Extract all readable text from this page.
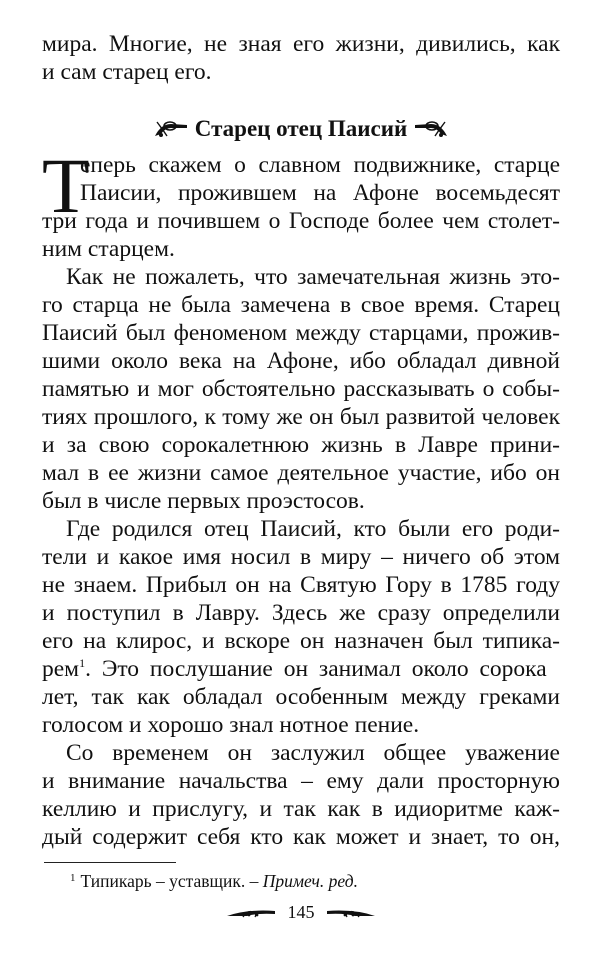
мира. Многие, не зная его жизни, дивились, как
и сам старец его.
Старец отец Паисий
Т
еперь скажем о славном подвижнике, старце
Паисии, прожившем на Афоне восемьдесят
три года и почившем о Господе более чем столет-
ним старцем.
Как не пожалеть, что замечательная жизнь это-
го старца не была замечена в свое время. Старец
Паисий был феноменом между старцами, прожив-
шими около века на Афоне, ибо обладал дивной
памятью и мог обстоятельно рассказывать о собы-
тиях прошлого, к тому же он был развитой человек
и за свою сорокалетнюю жизнь в Лавре прини-
мал в ее жизни самое деятельное участие, ибо он
был в числе первых проэстосов.
Где родился отец Паисий, кто были его роди-
тели и какое имя носил в миру – ничего об этом
не знаем. Прибыл он на Святую Гору в 1785 году
и поступил в Лавру. Здесь же сразу определили
его на клирос, и вскоре он назначен был типика-
рем$^1$. Это послушание он занимал около сорока
лет, так как обладал особенным между греками
голосом и хорошо знал нотное пение.
Со временем он заслужил общее уважение
и внимание начальства – ему дали просторную
келлию и прислугу, и так как в идиоритме каж-
дый содержит себя кто как может и знает, то он,
$^1$ Типикарь – уставщик. – Примеч. ред.
145
